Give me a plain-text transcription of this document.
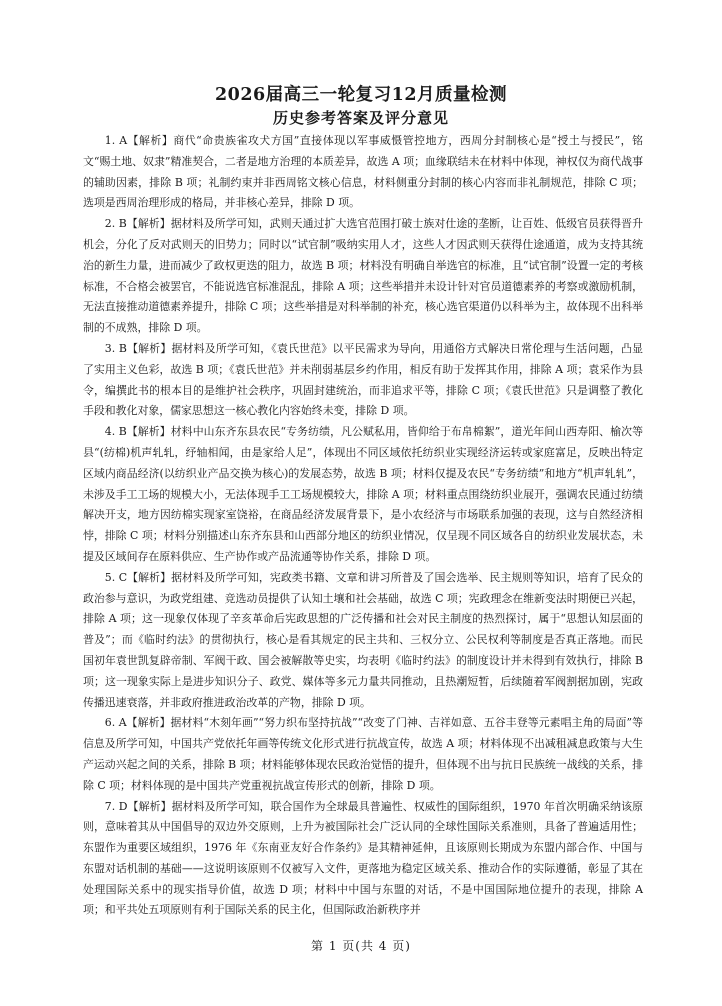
2026届高三一轮复习12月质量检测
历史参考答案及评分意见

1. A【解析】商代“命贵族雀攻犬方国”直接体现以军事威慑管控地方，西周分封制核心是“授土与授民”，铭文“赐土地、奴隶”精准契合，二者是地方治理的本质差异，故选 A 项；血缘联结未在材料中体现，神权仅为商代战事的辅助因素，排除 B 项；礼制约束并非西周铭文核心信息，材料侧重分封制的核心内容而非礼制规范，排除 C 项；选项是西周治理形成的格局，并非核心差异，排除 D 项。

2. B【解析】据材料及所学可知，武则天通过扩大选官范围打破士族对仕途的垄断，让百姓、低级官员获得晋升机会，分化了反对武则天的旧势力；同时以“试官制”吸纳实用人才，这些人才因武则天获得仕途通道，成为支持其统治的新生力量，进而减少了政权更迭的阻力，故选 B 项；材料没有明确自举选官的标准，且“试官制”设置一定的考核标准，不合格会被罢官，不能说选官标准混乱，排除 A 项；这些举措并未设计针对官员道德素养的考察或激励机制，无法直接推动道德素养提升，排除 C 项；这些举措是对科举制的补充，核心选官渠道仍以科举为主，故体现不出科举制的不成熟，排除 D 项。

3. B【解析】据材料及所学可知，《袁氏世范》以平民需求为导向，用通俗方式解决日常伦理与生活问题，凸显了实用主义色彩，故选 B 项；《袁氏世范》并未削弱基层乡约作用，相反有助于发挥其作用，排除 A 项；袁采作为县令，编撰此书的根本目的是维护社会秩序，巩固封建统治，而非追求平等，排除 C 项；《袁氏世范》只是调整了教化手段和教化对象，儒家思想这一核心教化内容始终未变，排除 D 项。

4. B【解析】材料中山东齐东县农民“专务纺绩，凡公赋私用，皆仰给于布帛棉絮”，道光年间山西寿阳、榆次等县“(纺棉)机声轧轧，纾轴相闻，由是家给人足”，体现出不同区域依托纺织业实现经济运转或家庭富足，反映出特定区域内商品经济(以纺织业产品交换为核心)的发展态势，故选 B 项；材料仅提及农民“专务纺绩”和地方“机声轧轧”，未涉及手工工场的规模大小，无法体现手工工场规模较大，排除 A 项；材料重点围绕纺织业展开，强调农民通过纺绩解决开支，地方因纺棉实现家室饶裕，在商品经济发展背景下，是小农经济与市场联系加强的表现，这与自然经济相悖，排除 C 项；材料分别描述山东齐东县和山西部分地区的纺织业情况，仅呈现不同区域各自的纺织业发展状态，未提及区域间存在原料供应、生产协作或产品流通等协作关系，排除 D 项。

5. C【解析】据材料及所学可知，宪政类书籍、文章和讲习所普及了国会选举、民主规则等知识，培育了民众的政治参与意识，为政党组建、竞选动员提供了认知土壤和社会基础，故选 C 项；宪政理念在维新变法时期便已兴起，排除 A 项；这一现象仅体现了辛亥革命后宪政思想的广泛传播和社会对民主制度的热烈探讨，属于“思想认知层面的普及”；而《临时约法》的贯彻执行，核心是看其规定的民主共和、三权分立、公民权利等制度是否真正落地。而民国初年袁世凯复辟帝制、军阀干政、国会被解散等史实，均表明《临时约法》的制度设计并未得到有效执行，排除 B 项；这一现象实际上是进步知识分子、政党、媒体等多元力量共同推动，且热潮短暂，后续随着军阀割据加剧，宪政传播迅速衰落，并非政府推进政治改革的产物，排除 D 项。

6. A【解析】据材料“木刻年画”“努力织布坚持抗战”“改变了门神、吉祥如意、五谷丰登等元素唱主角的局面”等信息及所学可知，中国共产党依托年画等传统文化形式进行抗战宣传，故选 A 项；材料体现不出减租减息政策与大生产运动兴起之间的关系，排除 B 项；材料能够体现农民政治觉悟的提升，但体现不出与抗日民族统一战线的关系，排除 C 项；材料体现的是中国共产党重视抗战宣传形式的创新，排除 D 项。

7. D【解析】据材料及所学可知，联合国作为全球最具普遍性、权威性的国际组织，1970 年首次明确采纳该原则，意味着其从中国倡导的双边外交原则，上升为被国际社会广泛认同的全球性国际关系准则，具备了普遍适用性；东盟作为重要区域组织，1976 年《东南亚友好合作条约》是其精神延伸，且该原则长期成为东盟内部合作、中国与东盟对话机制的基础——这说明该原则不仅被写入文件，更落地为稳定区域关系、推动合作的实际遵循，彰显了其在处理国际关系中的现实指导价值，故选 D 项；材料中中国与东盟的对话，不是中国国际地位提升的表现，排除 A 项；和平共处五项原则有利于国际关系的民主化，但国际政治新秩序并

第 1 页(共 4 页)
